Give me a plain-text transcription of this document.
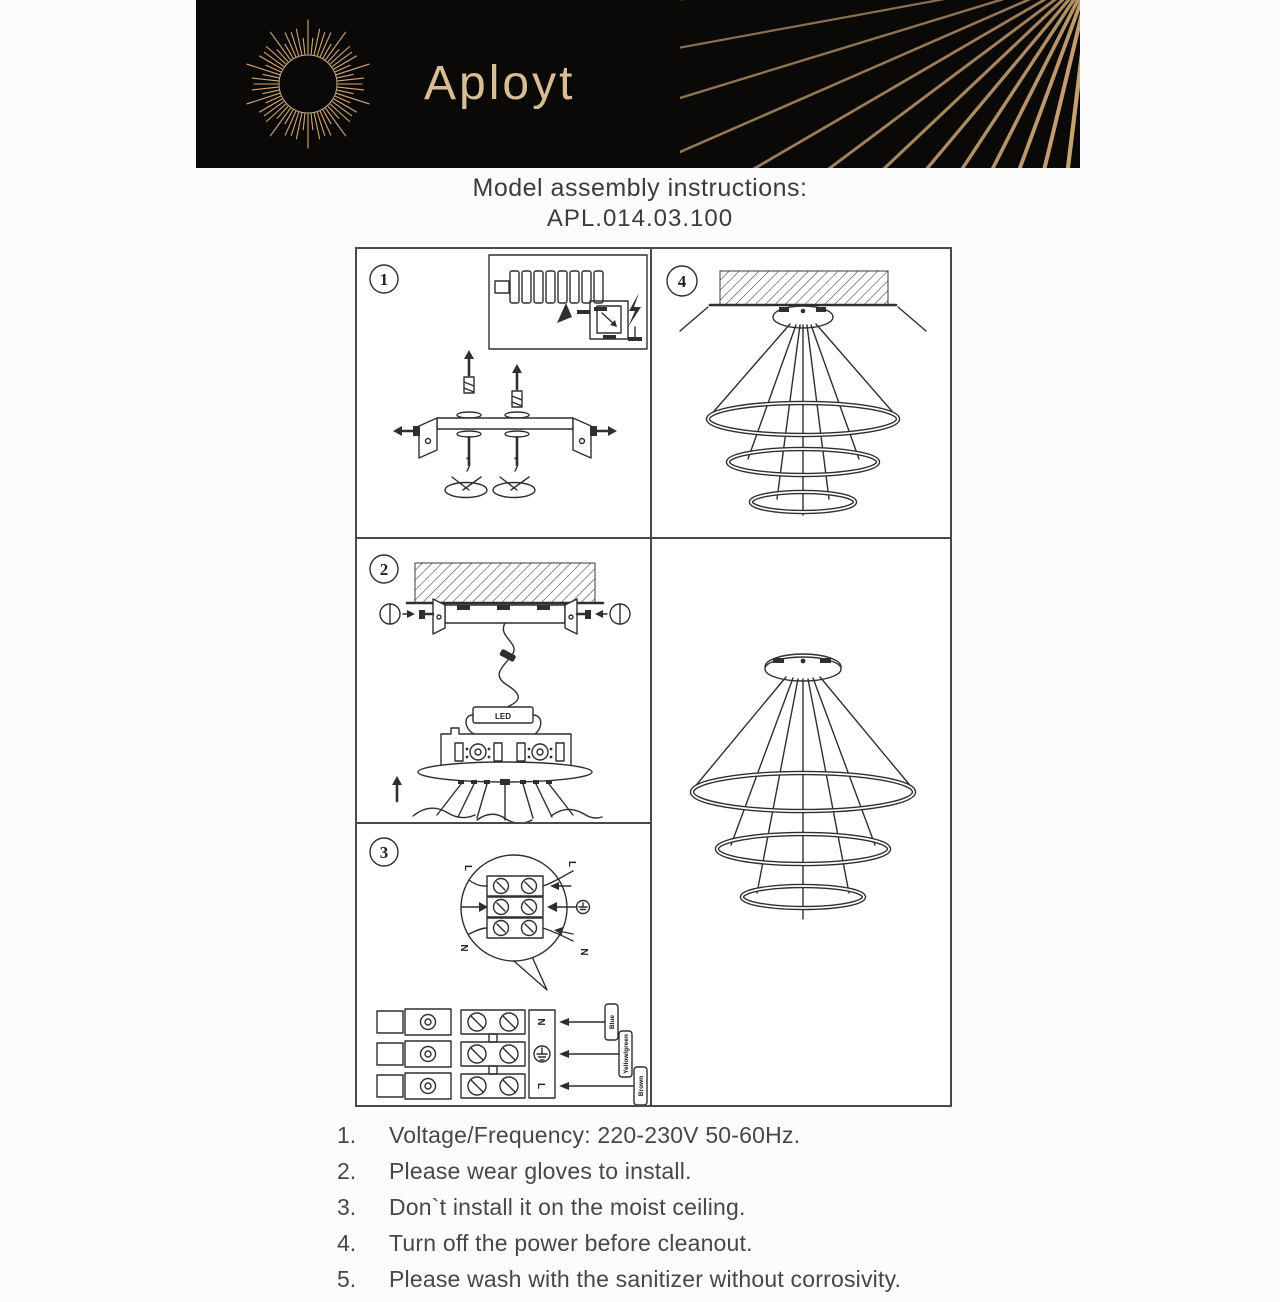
Aployt
Model assembly instructions:
APL.014.03.100
1
2
LED
3
L
L
N
N
N
L
Blue
Yellow/green
Brown
4
1.	Voltage/Frequency: 220-230V 50-60Hz.
2.	Please wear gloves to install.
3.	Don`t install it on the moist ceiling.
4.	Turn off the power before cleanout.
5.	Please wash with the sanitizer without corrosivity.
